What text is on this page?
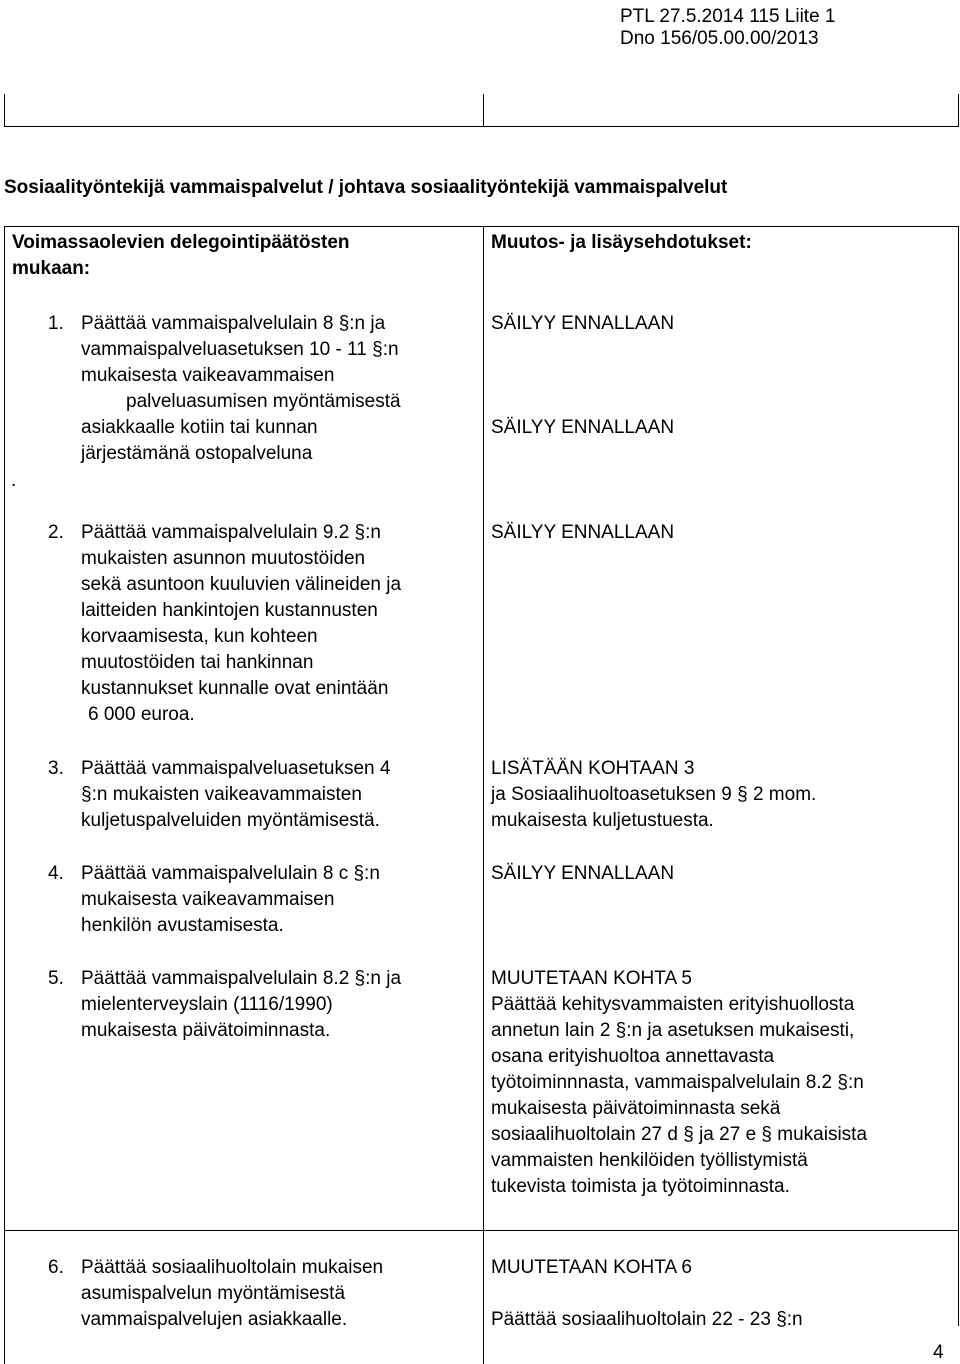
PTL 27.5.2014 115 Liite 1
Dno 156/05.00.00/2013
Sosiaalityöntekijä vammaispalvelut / johtava sosiaalityöntekijä vammaispalvelut
Voimassaolevien delegointipäätösten
mukaan:
Muutos- ja lisäysehdotukset:
1. Päättää vammaispalvelulain 8 §:n ja
vammaispalveluasetuksen 10 - 11 §:n
mukaisesta vaikeavammaisen
palveluasumisen myöntämisestä
asiakkaalle kotiin tai kunnan
järjestämänä ostopalveluna
.
SÄILYY ENNALLAAN
SÄILYY ENNALLAAN
2. Päättää vammaispalvelulain 9.2 §:n
mukaisten asunnon muutostöiden
sekä asuntoon kuuluvien välineiden ja
laitteiden hankintojen kustannusten
korvaamisesta, kun kohteen
muutostöiden tai hankinnan
kustannukset kunnalle ovat enintään
6 000 euroa.
SÄILYY ENNALLAAN
3. Päättää vammaispalveluasetuksen 4
§:n mukaisten vaikeavammaisten
kuljetuspalveluiden myöntämisestä.
LISÄTÄÄN KOHTAAN 3
ja Sosiaalihuoltoasetuksen 9 § 2 mom.
mukaisesta kuljetustuesta.
4. Päättää vammaispalvelulain 8 c §:n
mukaisesta vaikeavammaisen
henkilön avustamisesta.
SÄILYY ENNALLAAN
5. Päättää vammaispalvelulain 8.2 §:n ja
mielenterveyslain (1116/1990)
mukaisesta päivätoiminnasta.
MUUTETAAN KOHTA 5
Päättää kehitysvammaisten erityishuollosta
annetun lain 2 §:n ja asetuksen mukaisesti,
osana erityishuoltoa annettavasta
työtoiminnnasta, vammaispalvelulain 8.2 §:n
mukaisesta päivätoiminnasta sekä
sosiaalihuoltolain 27 d § ja 27 e § mukaisista
vammaisten henkilöiden työllistymistä
tukevista toimista ja työtoiminnasta.
6. Päättää sosiaalihuoltolain mukaisen
asumispalvelun myöntämisestä
vammaispalvelujen asiakkaalle.
MUUTETAAN KOHTA 6
Päättää sosiaalihuoltolain 22 - 23 §:n
4
